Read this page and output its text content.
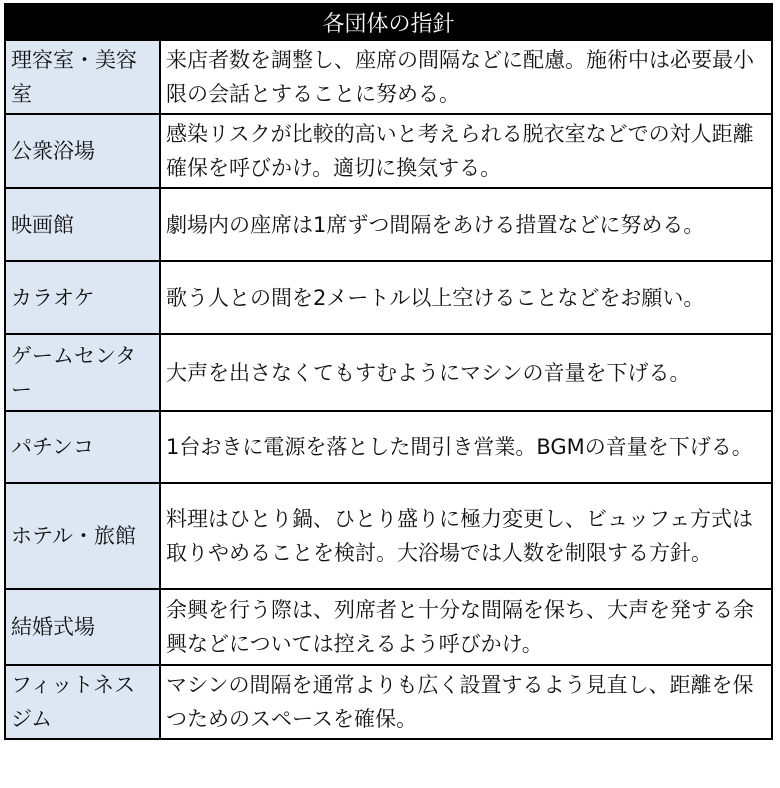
各団体の指針	
理容室・美容室	来店者数を調整し、座席の間隔などに配慮。施術中は必要最小限の会話とすることに努める。
公衆浴場	感染リスクが比較的高いと考えられる脱衣室などでの対人距離確保を呼びかけ。適切に換気する。
映画館	劇場内の座席は1席ずつ間隔をあける措置などに努める。
カラオケ	歌う人との間を2メートル以上空けることなどをお願い。
ゲームセンター	大声を出さなくてもすむようにマシンの音量を下げる。
パチンコ	1台おきに電源を落とした間引き営業。BGMの音量を下げる。
ホテル・旅館	料理はひとり鍋、ひとり盛りに極力変更し、ビュッフェ方式は取りやめることを検討。大浴場では人数を制限する方針。
結婚式場	余興を行う際は、列席者と十分な間隔を保ち、大声を発する余興などについては控えるよう呼びかけ。
フィットネスジム	マシンの間隔を通常よりも広く設置するよう見直し、距離を保つためのスペースを確保。
